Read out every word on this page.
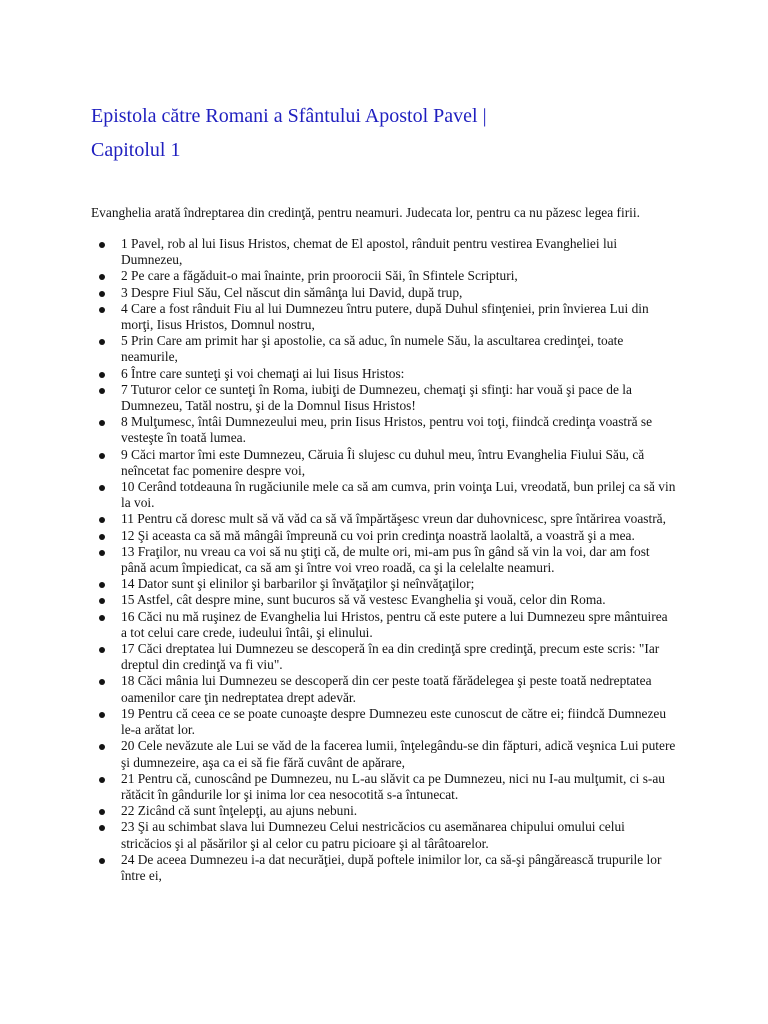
Epistola către Romani a Sfântului Apostol Pavel |
Capitolul 1

Evanghelia arată îndreptarea din credinţă, pentru neamuri. Judecata lor, pentru ca nu păzesc legea firii.

1 Pavel, rob al lui Iisus Hristos, chemat de El apostol, rânduit pentru vestirea Evangheliei lui Dumnezeu,
2 Pe care a făgăduit-o mai înainte, prin proorocii Săi, în Sfintele Scripturi,
3 Despre Fiul Său, Cel născut din sămânţa lui David, după trup,
4 Care a fost rânduit Fiu al lui Dumnezeu întru putere, după Duhul sfinţeniei, prin învierea Lui din morţi, Iisus Hristos, Domnul nostru,
5 Prin Care am primit har şi apostolie, ca să aduc, în numele Său, la ascultarea credinţei, toate neamurile,
6 Între care sunteţi şi voi chemaţi ai lui Iisus Hristos:
7 Tuturor celor ce sunteţi în Roma, iubiţi de Dumnezeu, chemaţi şi sfinţi: har vouă şi pace de la Dumnezeu, Tatăl nostru, şi de la Domnul Iisus Hristos!
8 Mulţumesc, întâi Dumnezeului meu, prin Iisus Hristos, pentru voi toţi, fiindcă credinţa voastră se vesteşte în toată lumea.
9 Căci martor îmi este Dumnezeu, Căruia Îi slujesc cu duhul meu, întru Evanghelia Fiului Său, că neîncetat fac pomenire despre voi,
10 Cerând totdeauna în rugăciunile mele ca să am cumva, prin voinţa Lui, vreodată, bun prilej ca să vin la voi.
11 Pentru că doresc mult să vă văd ca să vă împărtăşesc vreun dar duhovnicesc, spre întărirea voastră,
12 Şi aceasta ca să mă mângâi împreună cu voi prin credinţa noastră laolaltă, a voastră şi a mea.
13 Fraţilor, nu vreau ca voi să nu ştiţi că, de multe ori, mi-am pus în gând să vin la voi, dar am fost până acum împiedicat, ca să am şi între voi vreo roadă, ca şi la celelalte neamuri.
14 Dator sunt şi elinilor şi barbarilor şi învăţaţilor şi neînvăţaţilor;
15 Astfel, cât despre mine, sunt bucuros să vă vestesc Evanghelia şi vouă, celor din Roma.
16 Căci nu mă ruşinez de Evanghelia lui Hristos, pentru că este putere a lui Dumnezeu spre mântuirea a tot celui care crede, iudeului întâi, şi elinului.
17 Căci dreptatea lui Dumnezeu se descoperă în ea din credinţă spre credinţă, precum este scris: "Iar dreptul din credinţă va fi viu".
18 Căci mânia lui Dumnezeu se descoperă din cer peste toată fărădelegea şi peste toată nedreptatea oamenilor care ţin nedreptatea drept adevăr.
19 Pentru că ceea ce se poate cunoaşte despre Dumnezeu este cunoscut de către ei; fiindcă Dumnezeu le-a arătat lor.
20 Cele nevăzute ale Lui se văd de la facerea lumii, înţelegându-se din făpturi, adică veşnica Lui putere şi dumnezeire, aşa ca ei să fie fără cuvânt de apărare,
21 Pentru că, cunoscând pe Dumnezeu, nu L-au slăvit ca pe Dumnezeu, nici nu I-au mulţumit, ci s-au rătăcit în gândurile lor şi inima lor cea nesocotită s-a întunecat.
22 Zicând că sunt înţelepţi, au ajuns nebuni.
23 Şi au schimbat slava lui Dumnezeu Celui nestricăcios cu asemănarea chipului omului celui stricăcios şi al păsărilor şi al celor cu patru picioare şi al târâtoarelor.
24 De aceea Dumnezeu i-a dat necurăţiei, după poftele inimilor lor, ca să-şi pângărească trupurile lor între ei,
